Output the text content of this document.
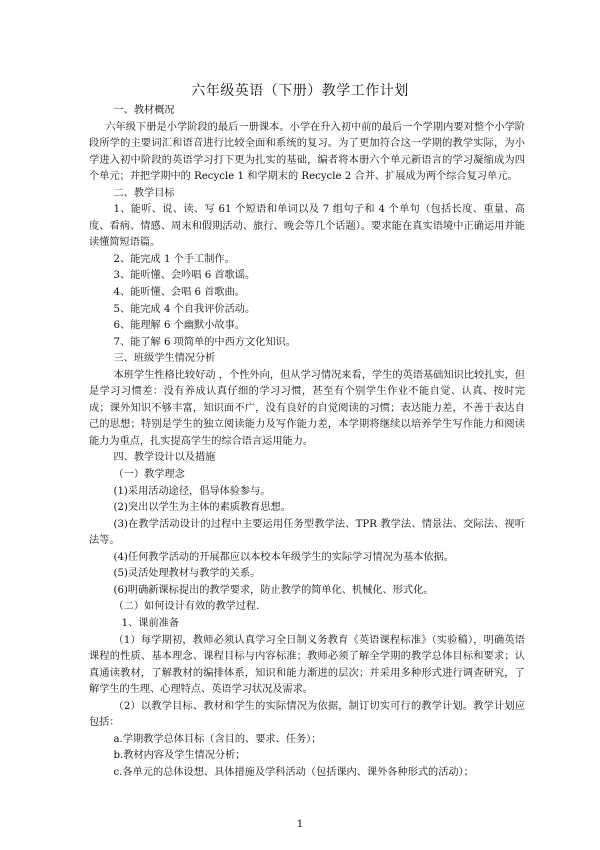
六年级英语（下册）教学工作计划

一、教材概况

六年级下册是小学阶段的最后一册课本。小学在升入初中前的最后一个学期内要对整个小学阶段所学的主要词汇和语音进行比较全面和系统的复习。为了更加符合这一学期的教学实际，为小学进入初中阶段的英语学习打下更为扎实的基础，编者将本册六个单元新语言的学习凝缩成为四个单元；并把学期中的 Recycle 1 和学期末的 Recycle 2 合并、扩展成为两个综合复习单元。

二、教学目标

1、能听、说、读、写 61 个短语和单词以及 7 组句子和 4 个单句（包括长度、重量、高度、看病、情感、周末和假期活动、旅行、晚会等几个话题）。要求能在真实语境中正确运用并能读懂简短语篇。

2、能完成 1 个手工制作。

3、能听懂、会吟唱 6 首歌谣。

4、能听懂、会唱 6 首歌曲。

5、能完成 4 个自我评价活动。

6、能理解 6 个幽默小故事。

7、能了解 6 项简单的中西方文化知识。

三、班级学生情况分析

本班学生性格比较好动 ，个性外向，但从学习情况来看，学生的英语基础知识比较扎实，但是学习习惯差：没有养成认真仔细的学习习惯，甚至有个别学生作业不能自觉、认真、按时完成；课外知识不够丰富，知识面不广，没有良好的自觉阅读的习惯；表达能力差，不善于表达自己的思想；特别是学生的独立阅读能力及写作能力差，本学期将继续以培养学生写作能力和阅读能力为重点，扎实提高学生的综合语言运用能力。

四、教学设计以及措施

（一）教学理念

(1)采用活动途径，倡导体验参与。

(2)突出以学生为主体的素质教育思想。

(3)在教学活动设计的过程中主要运用任务型教学法、TPR 教学法、情景法、交际法、视听法等。

(4)任何教学活动的开展都应以本校本年级学生的实际学习情况为基本依据。

(5)灵活处理教材与教学的关系。

(6)明确新课标提出的教学要求，防止教学的简单化、机械化、形式化。

（二）如何设计有效的教学过程.

1、课前准备

（1）每学期初，教师必须认真学习全日制义务教育《英语课程标准》（实验稿），明确英语课程的性质、基本理念、课程目标与内容标准；教师必须了解全学期的教学总体目标和要求；认真通读教材，了解教材的编排体系，知识和能力渐进的层次；并采用多种形式进行调查研究，了解学生的生理、心理特点、英语学习状况及需求。

（2）以教学目标、教材和学生的实际情况为依据，制订切实可行的教学计划。教学计划应包括：

a.学期教学总体目标（含目的、要求、任务）；

b.教材内容及学生情况分析；

c.各单元的总体设想、具体措施及学科活动（包括课内、课外各种形式的活动）；

1
